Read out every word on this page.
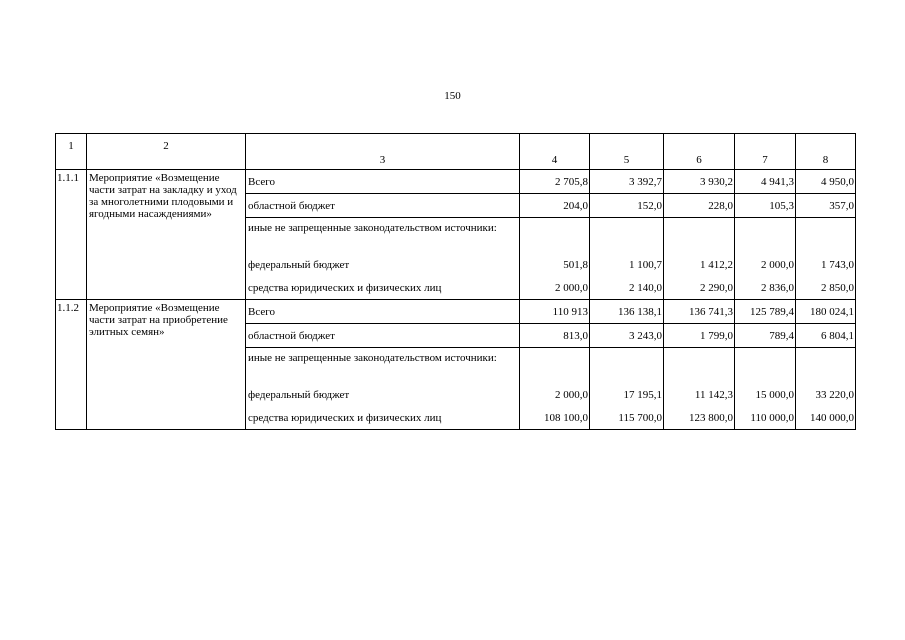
150
1	2	3	4	5	6	7	8
1.1.1	Мероприятие «Возмещение части затрат на закладку и уход за многолетними плодовыми и ягодными насаждениями»	Всего	2 705,8	3 392,7	3 930,2	4 941,3	4 950,0
		областной бюджет	204,0	152,0	228,0	105,3	357,0
		иные не запрещенные законодательством источники:					
		федеральный бюджет	501,8	1 100,7	1 412,2	2 000,0	1 743,0
		средства юридических и физических лиц	2 000,0	2 140,0	2 290,0	2 836,0	2 850,0
1.1.2	Мероприятие «Возмещение части затрат на приобретение элитных семян»	Всего	110 913	136 138,1	136 741,3	125 789,4	180 024,1
		областной бюджет	813,0	3 243,0	1 799,0	789,4	6 804,1
		иные не запрещенные законодательством источники:					
		федеральный бюджет	2 000,0	17 195,1	11 142,3	15 000,0	33 220,0
		средства юридических и физических лиц	108 100,0	115 700,0	123 800,0	110 000,0	140 000,0
